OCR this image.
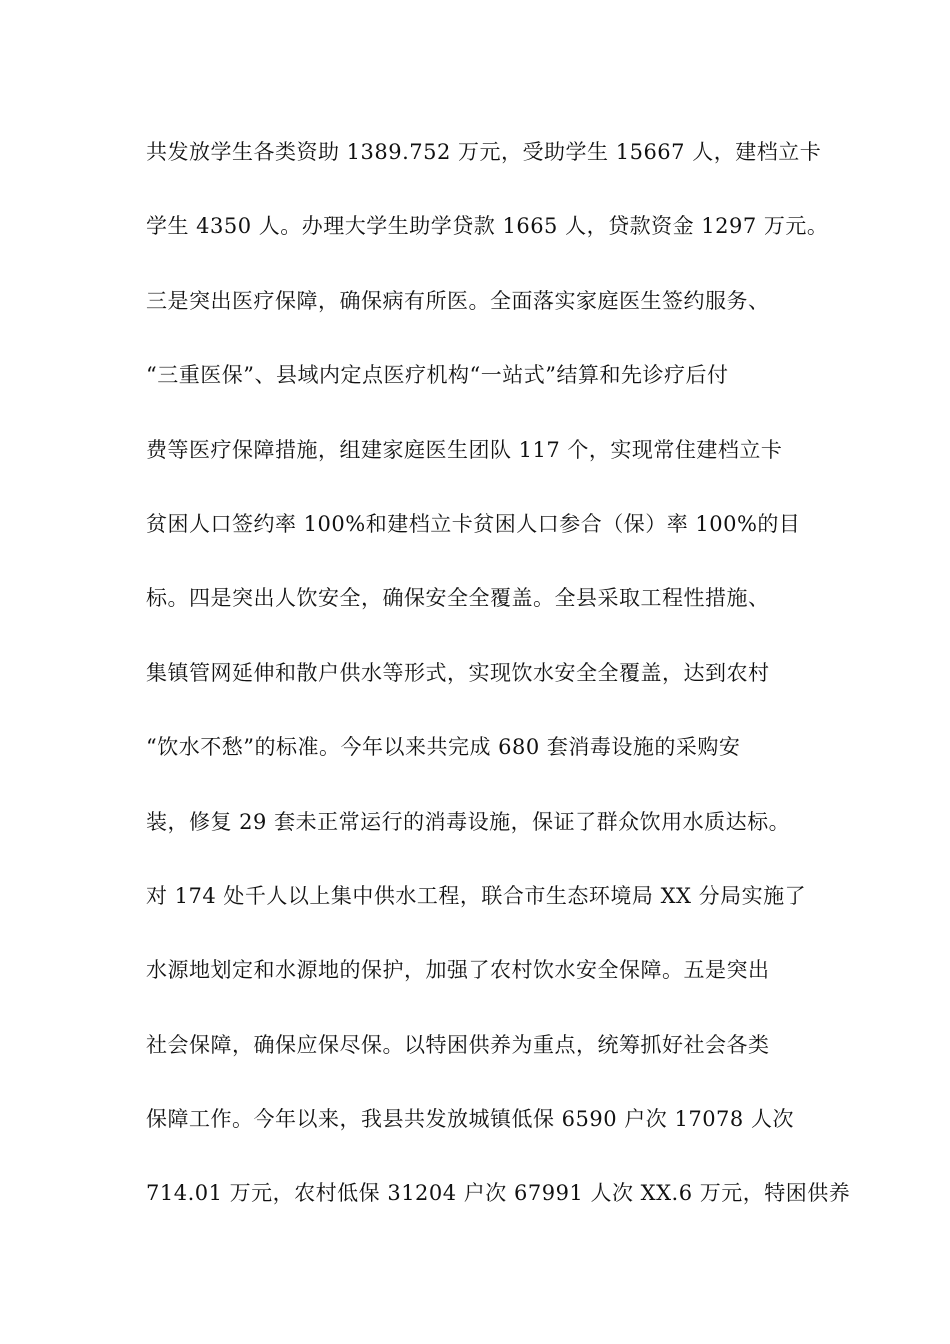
共发放学生各类资助 1389.752 万元，受助学生 15667 人，建档立卡
学生 4350 人。办理大学生助学贷款 1665 人，贷款资金 1297 万元。
三是突出医疗保障，确保病有所医。全面落实家庭医生签约服务、
“三重医保”、县域内定点医疗机构“一站式”结算和先诊疗后付
费等医疗保障措施，组建家庭医生团队 117 个，实现常住建档立卡
贫困人口签约率 100%和建档立卡贫困人口参合（保）率 100%的目
标。四是突出人饮安全，确保安全全覆盖。全县采取工程性措施、
集镇管网延伸和散户供水等形式，实现饮水安全全覆盖，达到农村
“饮水不愁”的标准。今年以来共完成 680 套消毒设施的采购安
装，修复 29 套未正常运行的消毒设施，保证了群众饮用水质达标。
对 174 处千人以上集中供水工程，联合市生态环境局 XX 分局实施了
水源地划定和水源地的保护，加强了农村饮水安全保障。五是突出
社会保障，确保应保尽保。以特困供养为重点，统筹抓好社会各类
保障工作。今年以来，我县共发放城镇低保 6590 户次 17078 人次
714.01 万元，农村低保 31204 户次 67991 人次 XX.6 万元，特困供养
